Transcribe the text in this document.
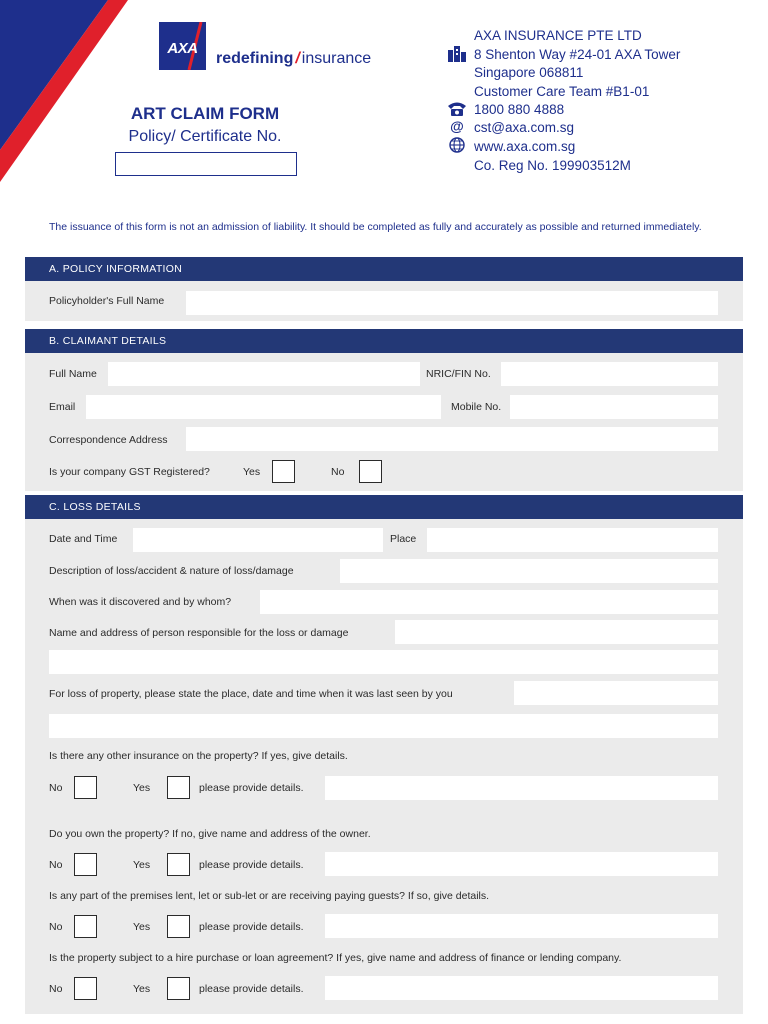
AXA
redefining / insurance
ART CLAIM FORM
Policy/ Certificate No.
@
AXA INSURANCE PTE LTD
8 Shenton Way #24-01 AXA Tower
Singapore 068811
Customer Care Team #B1-01
1800 880 4888
cst@axa.com.sg
www.axa.com.sg
Co. Reg No. 199903512M
The issuance of this form is not an admission of liability. It should be completed as fully and accurately as possible and returned immediately.
A. POLICY INFORMATION
Policyholder's Full Name
B. CLAIMANT DETAILS
Full Name	NRIC/FIN No.
Email	Mobile No.
Correspondence Address
Is your company GST Registered?	Yes	No
C. LOSS DETAILS
Date and Time	Place
Description of loss/accident & nature of loss/damage
When was it discovered and by whom?
Name and address of person responsible for the loss or damage
For loss of property, please state the place, date and time when it was last seen by you
Is there any other insurance on the property? If yes, give details.
No	Yes	please provide details.
Do you own the property? If no, give name and address of the owner.
No	Yes	please provide details.
Is any part of the premises lent, let or sub-let or are receiving paying guests? If so, give details.
No	Yes	please provide details.
Is the property subject to a hire purchase or loan agreement? If yes, give name and address of finance or lending company.
No	Yes	please provide details.
